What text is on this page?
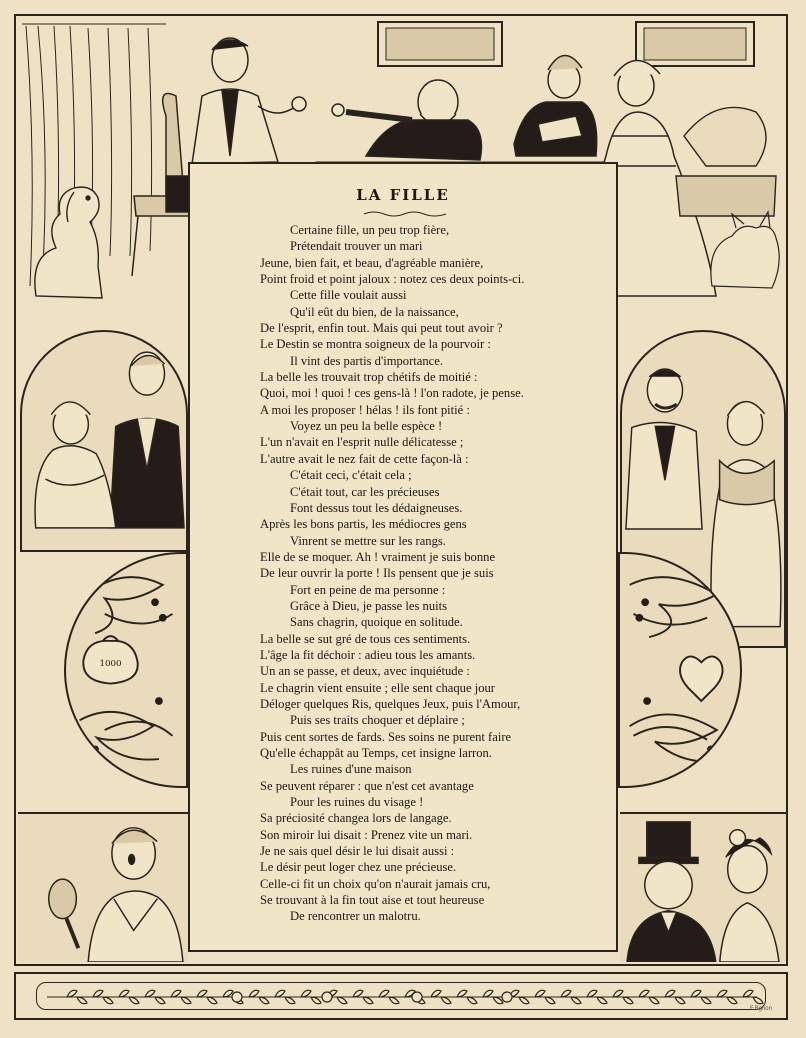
1000
LA FILLE
Certaine fille, un peu trop fière,
Prétendait trouver un mari
Jeune, bien fait, et beau, d'agréable manière,
Point froid et point jaloux : notez ces deux points-ci.
Cette fille voulait aussi
Qu'il eût du bien, de la naissance,
De l'esprit, enfin tout. Mais qui peut tout avoir ?
Le Destin se montra soigneux de la pourvoir :
Il vint des partis d'importance.
La belle les trouvait trop chétifs de moitié :
Quoi, moi ! quoi ! ces gens-là ! l'on radote, je pense.
A moi les proposer ! hélas ! ils font pitié :
Voyez un peu la belle espèce !
L'un n'avait en l'esprit nulle délicatesse ;
L'autre avait le nez fait de cette façon-là :
C'était ceci, c'était cela ;
C'était tout, car les précieuses
Font dessus tout les dédaigneuses.
Après les bons partis, les médiocres gens
Vinrent se mettre sur les rangs.
Elle de se moquer. Ah ! vraiment je suis bonne
De leur ouvrir la porte ! Ils pensent que je suis
Fort en peine de ma personne :
Grâce à Dieu, je passe les nuits
Sans chagrin, quoique en solitude.
La belle se sut gré de tous ces sentiments.
L'âge la fit déchoir : adieu tous les amants.
Un an se passe, et deux, avec inquiétude :
Le chagrin vient ensuite ; elle sent chaque jour
Déloger quelques Ris, quelques Jeux, puis l'Amour,
Puis ses traits choquer et déplaire ;
Puis cent sortes de fards. Ses soins ne purent faire
Qu'elle échappât au Temps, cet insigne larron.
Les ruines d'une maison
Se peuvent réparer : que n'est cet avantage
Pour les ruines du visage !
Sa préciosité changea lors de langage.
Son miroir lui disait : Prenez vite un mari.
Je ne sais quel désir le lui disait aussi :
Le désir peut loger chez une précieuse.
Celle-ci fit un choix qu'on n'aurait jamais cru,
Se trouvant à la fin tout aise et tout heureuse
De rencontrer un malotru.
F.Bgnon
